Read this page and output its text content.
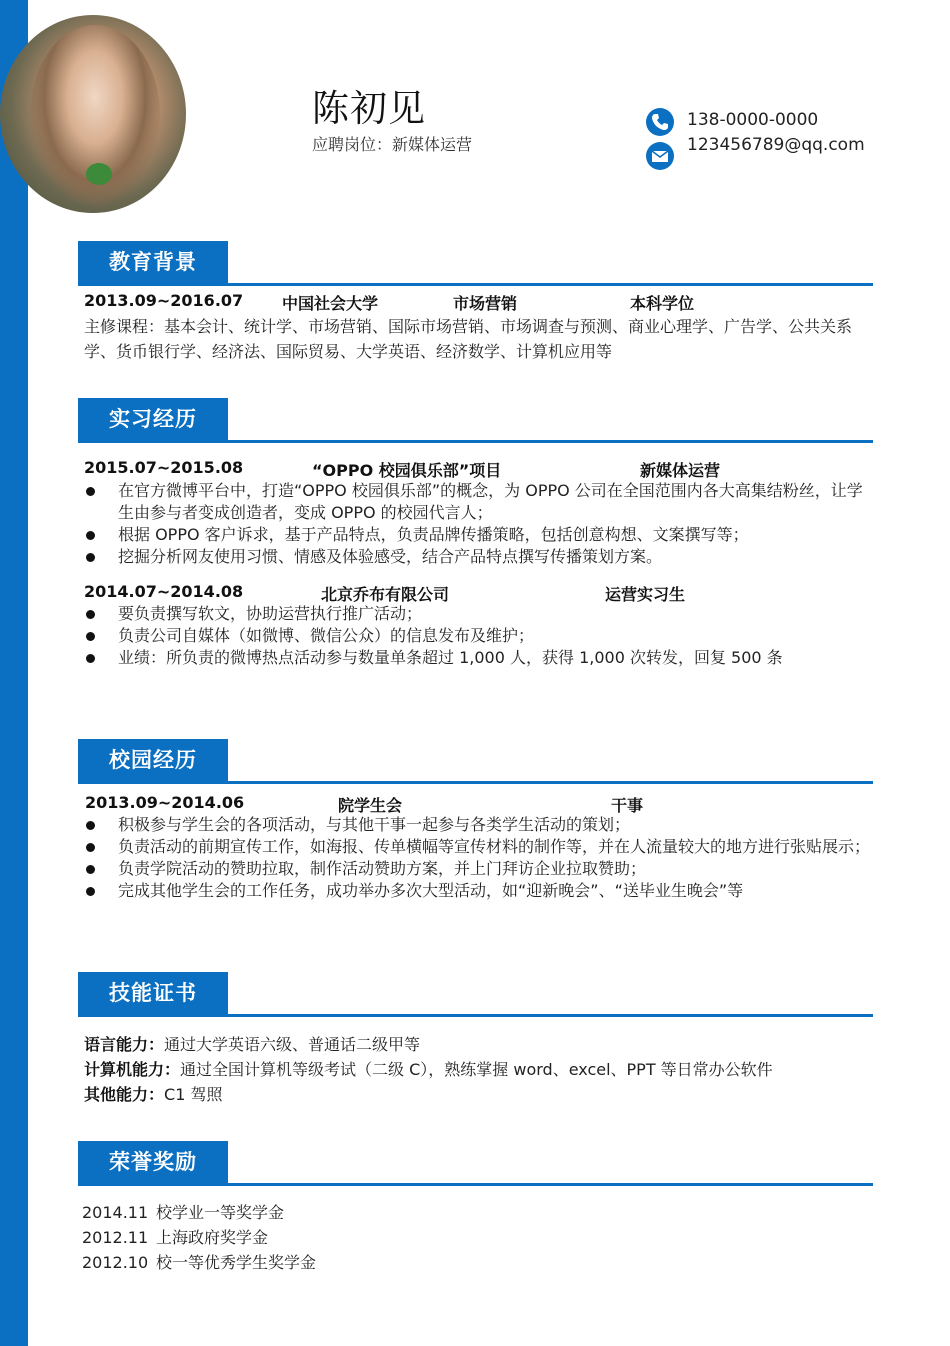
陈初见
应聘岗位：新媒体运营
138-0000-0000
123456789@qq.com
教育背景
2013.09~2016.07 中国社会大学	市场营销	本科学位
主修课程：基本会计、统计学、市场营销、国际市场营销、市场调查与预测、商业心理学、广告学、公共关系学、货币银行学、经济法、国际贸易、大学英语、经济数学、计算机应用等
实习经历
2015.07~2015.08	“OPPO 校园俱乐部”项目	新媒体运营
在官方微博平台中，打造“OPPO 校园俱乐部”的概念，为 OPPO 公司在全国范围内各大高集结粉丝，让学生由参与者变成创造者，变成 OPPO 的校园代言人；
根据 OPPO 客户诉求，基于产品特点，负责品牌传播策略，包括创意构想、文案撰写等；
挖掘分析网友使用习惯、情感及体验感受，结合产品特点撰写传播策划方案。
2014.07~2014.08	北京乔布有限公司	运营实习生
要负责撰写软文，协助运营执行推广活动；
负责公司自媒体（如微博、微信公众）的信息发布及维护；
业绩：所负责的微博热点活动参与数量单条超过 1,000 人，获得 1,000 次转发，回复 500 条
校园经历
2013.09~2014.06	院学生会	干事
积极参与学生会的各项活动，与其他干事一起参与各类学生活动的策划；
负责活动的前期宣传工作，如海报、传单横幅等宣传材料的制作等，并在人流量较大的地方进行张贴展示；
负责学院活动的赞助拉取，制作活动赞助方案，并上门拜访企业拉取赞助；
完成其他学生会的工作任务，成功举办多次大型活动，如“迎新晚会”、“送毕业生晚会”等
技能证书
语言能力：通过大学英语六级、普通话二级甲等
计算机能力：通过全国计算机等级考试（二级 C），熟练掌握 word、excel、PPT 等日常办公软件
其他能力：C1 驾照
荣誉奖励
2014.11 校学业一等奖学金
2012.11 上海政府奖学金
2012.10 校一等优秀学生奖学金
